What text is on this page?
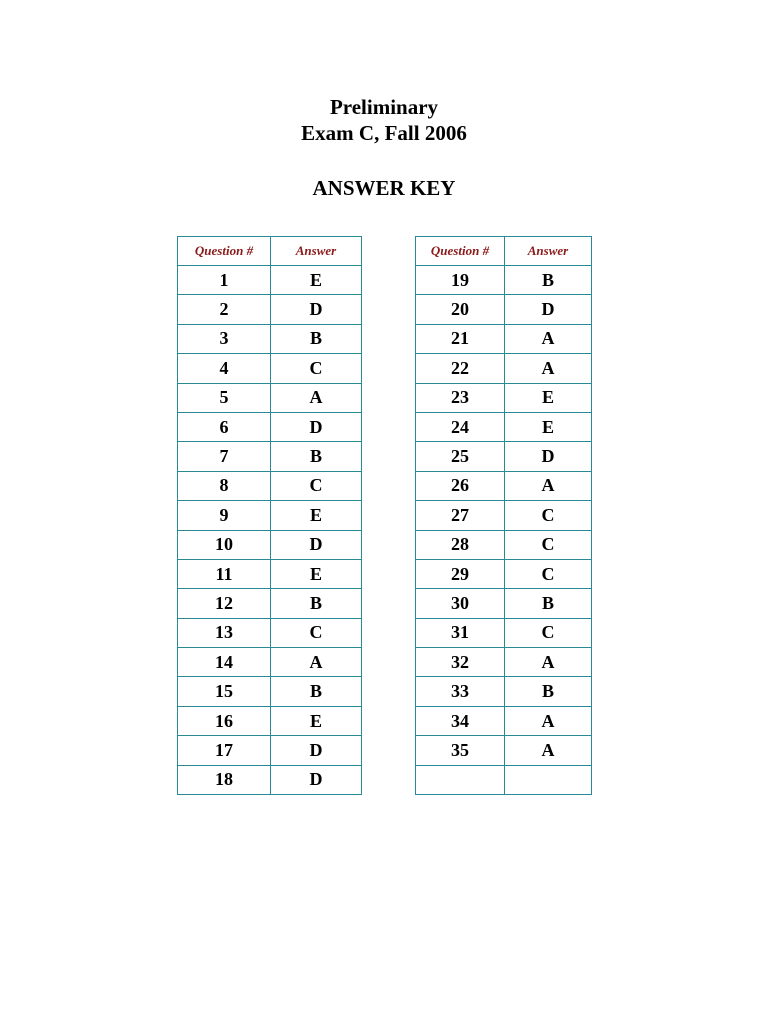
Preliminary
Exam C, Fall 2006
ANSWER KEY
Question #	Answer
1	E
2	D
3	B
4	C
5	A
6	D
7	B
8	C
9	E
10	D
11	E
12	B
13	C
14	A
15	B
16	E
17	D
18	D
Question #	Answer
19	B
20	D
21	A
22	A
23	E
24	E
25	D
26	A
27	C
28	C
29	C
30	B
31	C
32	A
33	B
34	A
35	A
